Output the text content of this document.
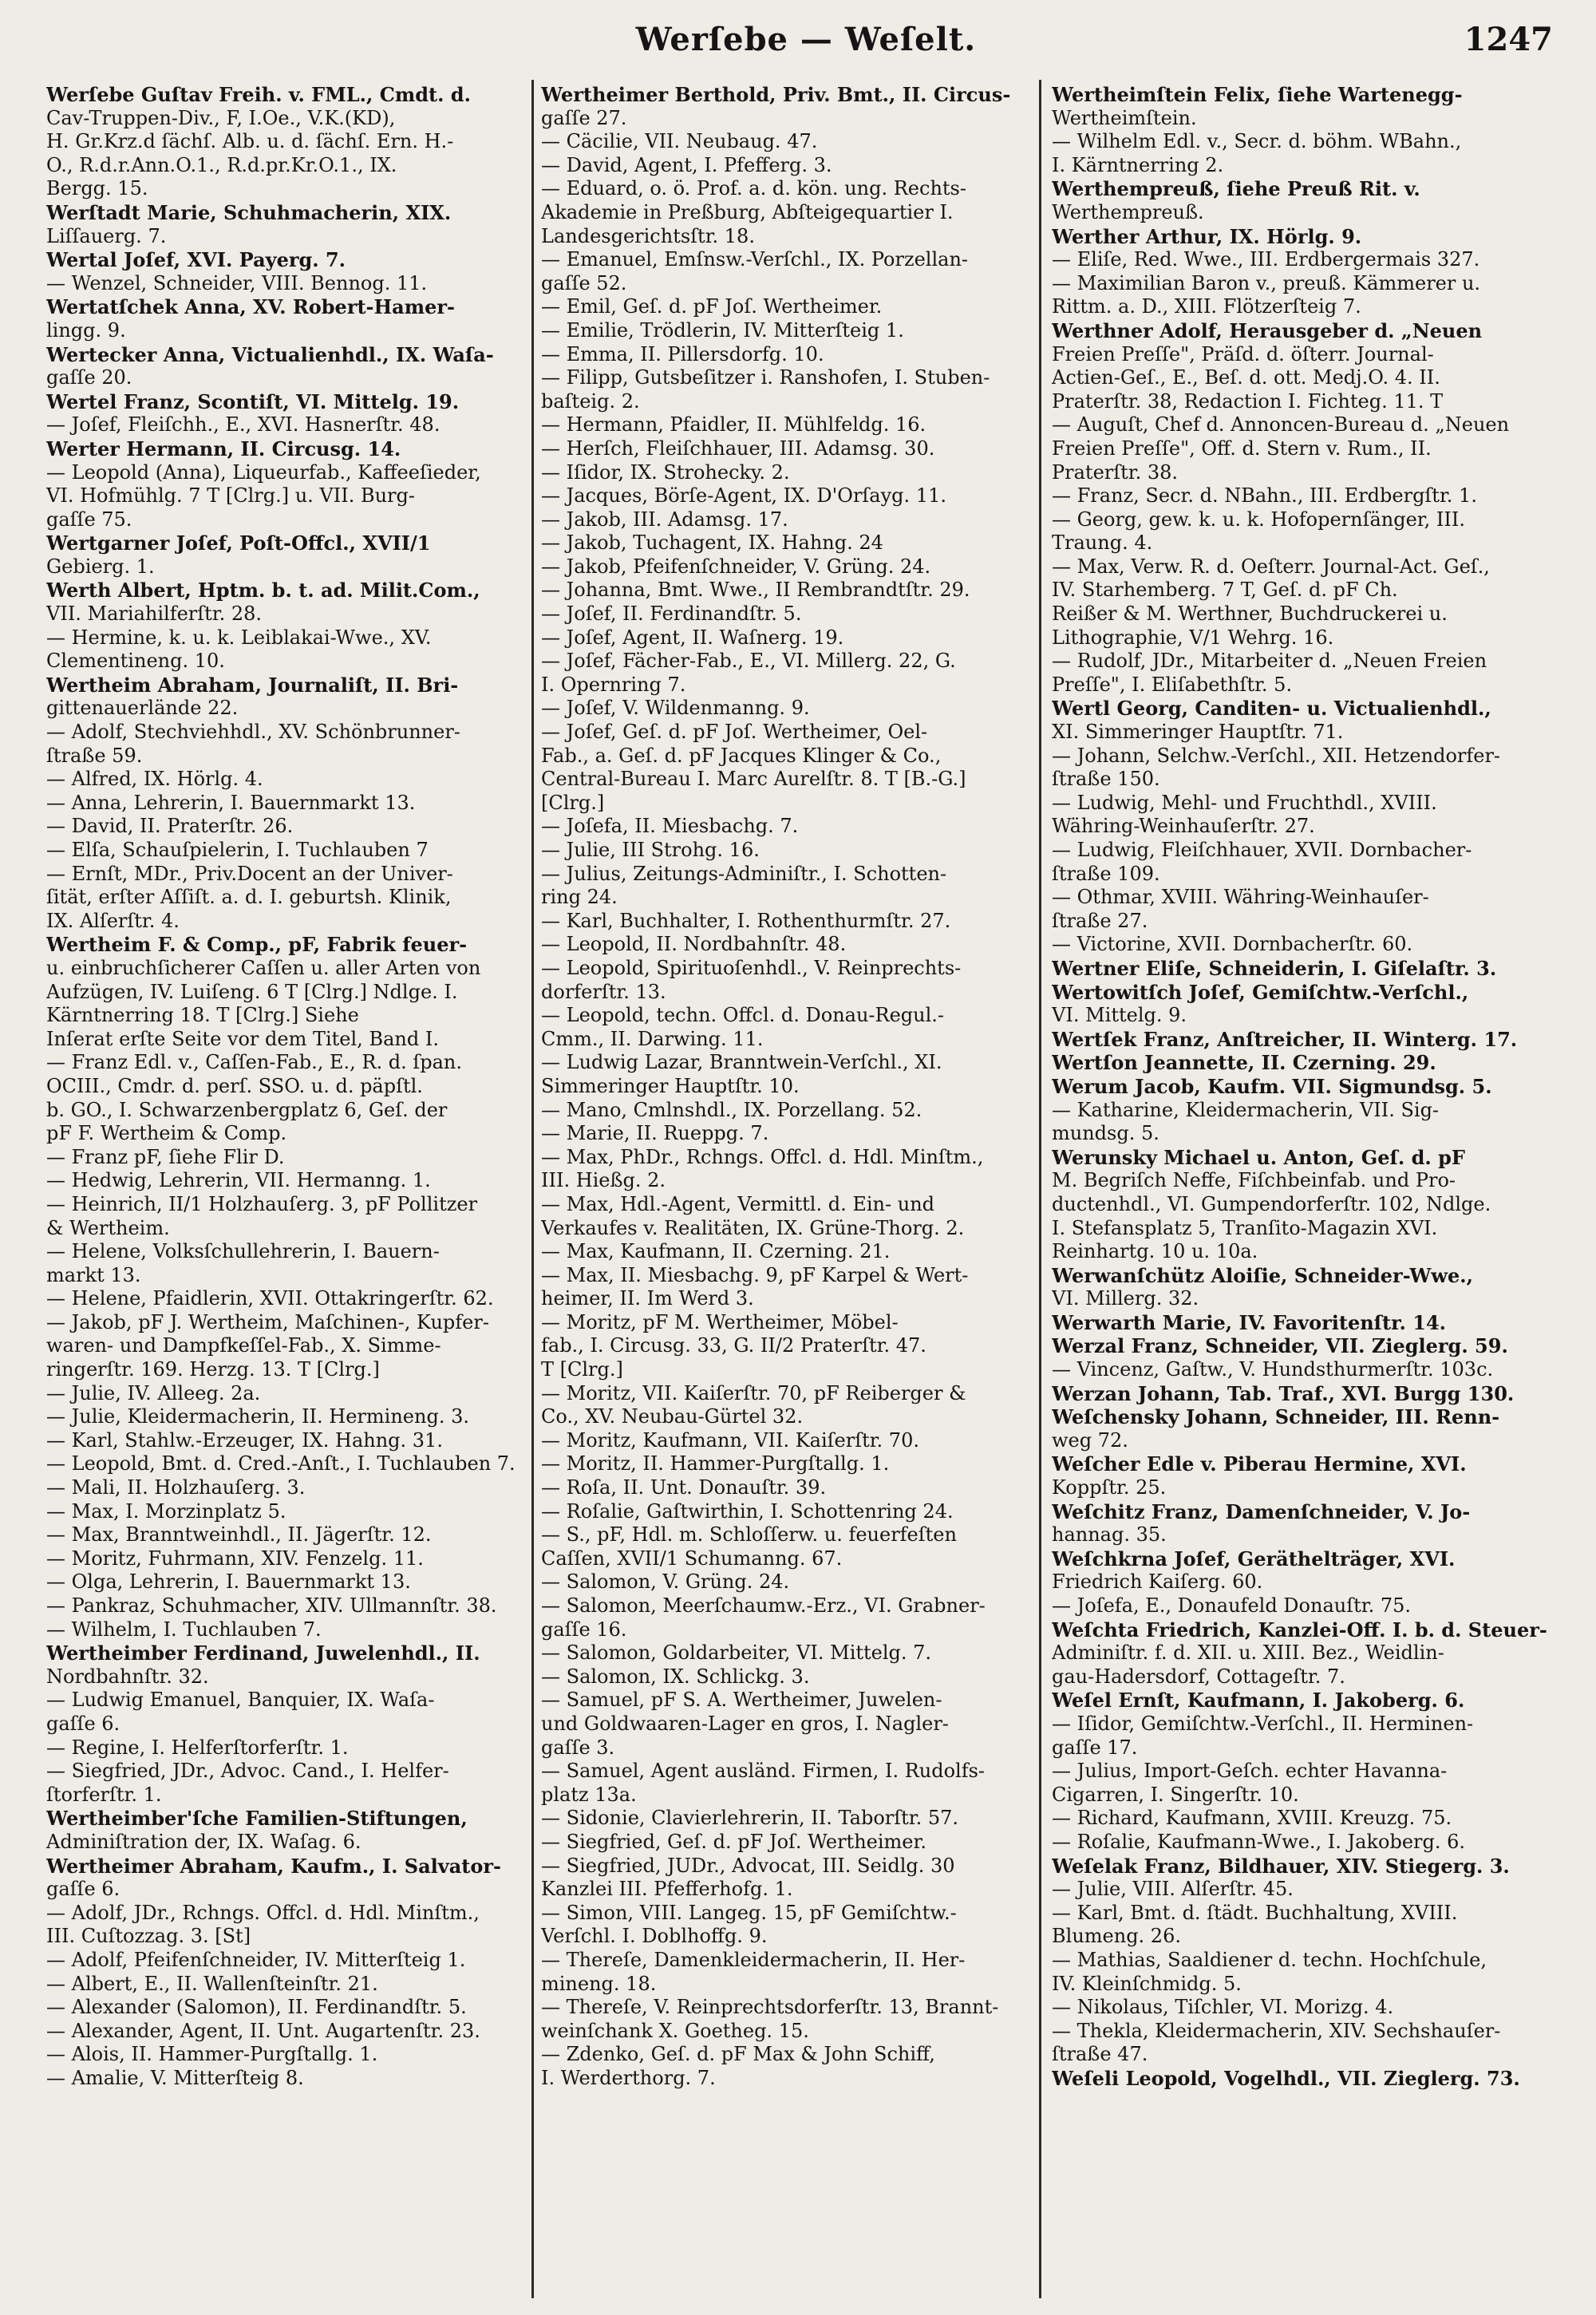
Werſebe — Weſelt.	1247
Werſebe Guſtav Freih. v. FML., Cmdt. d.
Cav-Truppen-Div., F, I.Oe., V.K.(KD),
H. Gr.Krz.d ſächſ. Alb. u. d. ſächſ. Ern. H.-
O., R.d.r.Ann.O.1., R.d.pr.Kr.O.1., IX.
Bergg. 15.
Werſtadt Marie, Schuhmacherin, XIX.
Liſſauerg. 7.
Wertal Joſef, XVI. Payerg. 7.
— Wenzel, Schneider, VIII. Bennog. 11.
Wertatſchek Anna, XV. Robert-Hamer-
lingg. 9.
Wertecker Anna, Victualienhdl., IX. Waſa-
gaſſe 20.
Wertel Franz, Scontiſt, VI. Mittelg. 19.
— Joſef, Fleiſchh., E., XVI. Hasnerſtr. 48.
Werter Hermann, II. Circusg. 14.
— Leopold (Anna), Liqueurfab., Kaffeeſieder,
VI. Hofmühlg. 7 T [Clrg.] u. VII. Burg-
gaſſe 75.
Wertgarner Joſef, Poſt-Offcl., XVII/1
Gebierg. 1.
Werth Albert, Hptm. b. t. ad. Milit.Com.,
VII. Mariahilferſtr. 28.
— Hermine, k. u. k. Leiblakai-Wwe., XV.
Clementineng. 10.
Wertheim Abraham, Journaliſt, II. Bri-
gittenauerlände 22.
— Adolf, Stechviehhdl., XV. Schönbrunner-
ſtraße 59.
— Alfred, IX. Hörlg. 4.
— Anna, Lehrerin, I. Bauernmarkt 13.
— David, II. Praterſtr. 26.
— Elſa, Schauſpielerin, I. Tuchlauben 7
— Ernſt, MDr., Priv.Docent an der Univer-
ſität, erſter Aſſiſt. a. d. I. geburtsh. Klinik,
IX. Alſerſtr. 4.
Wertheim F. & Comp., pF, Fabrik feuer-
u. einbruchſicherer Caſſen u. aller Arten von
Aufzügen, IV. Luiſeng. 6 T [Clrg.] Ndlge. I.
Kärntnerring 18. T [Clrg.] Siehe
Inſerat erſte Seite vor dem Titel, Band I.
— Franz Edl. v., Caſſen-Fab., E., R. d. ſpan.
OCIII., Cmdr. d. perſ. SSO. u. d. päpſtl.
b. GO., I. Schwarzenbergplatz 6, Geſ. der
pF F. Wertheim & Comp.
— Franz pF, ſiehe Flir D.
— Hedwig, Lehrerin, VII. Hermanng. 1.
— Heinrich, II/1 Holzhauſerg. 3, pF Pollitzer
& Wertheim.
— Helene, Volksſchullehrerin, I. Bauern-
markt 13.
— Helene, Pfaidlerin, XVII. Ottakringerſtr. 62.
— Jakob, pF J. Wertheim, Maſchinen-, Kupfer-
waren- und Dampfkeſſel-Fab., X. Simme-
ringerſtr. 169. Herzg. 13. T [Clrg.]
— Julie, IV. Alleeg. 2a.
— Julie, Kleidermacherin, II. Hermineng. 3.
— Karl, Stahlw.-Erzeuger, IX. Hahng. 31.
— Leopold, Bmt. d. Cred.-Anſt., I. Tuchlauben 7.
— Mali, II. Holzhauſerg. 3.
— Max, I. Morzinplatz 5.
— Max, Branntweinhdl., II. Jägerſtr. 12.
— Moritz, Fuhrmann, XIV. Fenzelg. 11.
— Olga, Lehrerin, I. Bauernmarkt 13.
— Pankraz, Schuhmacher, XIV. Ullmannſtr. 38.
— Wilhelm, I. Tuchlauben 7.
Wertheimber Ferdinand, Juwelenhdl., II.
Nordbahnſtr. 32.
— Ludwig Emanuel, Banquier, IX. Waſa-
gaſſe 6.
— Regine, I. Helferſtorferſtr. 1.
— Siegfried, JDr., Advoc. Cand., I. Helfer-
ſtorferſtr. 1.
Wertheimber'ſche Familien-Stiftungen,
Adminiſtration der, IX. Waſag. 6.
Wertheimer Abraham, Kaufm., I. Salvator-
gaſſe 6.
— Adolf, JDr., Rchngs. Offcl. d. Hdl. Minſtm.,
III. Cuſtozzag. 3. [St]
— Adolf, Pfeifenſchneider, IV. Mitterſteig 1.
— Albert, E., II. Wallenſteinſtr. 21.
— Alexander (Salomon), II. Ferdinandſtr. 5.
— Alexander, Agent, II. Unt. Augartenſtr. 23.
— Alois, II. Hammer-Purgſtallg. 1.
— Amalie, V. Mitterſteig 8.
Wertheimer Berthold, Priv. Bmt., II. Circus-
gaſſe 27.
— Cäcilie, VII. Neubaug. 47.
— David, Agent, I. Pfefferg. 3.
— Eduard, o. ö. Prof. a. d. kön. ung. Rechts-
Akademie in Preßburg, Abſteigequartier I.
Landesgerichtsſtr. 18.
— Emanuel, Emſnsw.-Verſchl., IX. Porzellan-
gaſſe 52.
— Emil, Geſ. d. pF Joſ. Wertheimer.
— Emilie, Trödlerin, IV. Mitterſteig 1.
— Emma, II. Pillersdorfg. 10.
— Filipp, Gutsbeſitzer i. Ranshofen, I. Stuben-
baſteig. 2.
— Hermann, Pfaidler, II. Mühlfeldg. 16.
— Herſch, Fleiſchhauer, III. Adamsg. 30.
— Iſidor, IX. Strohecky. 2.
— Jacques, Börſe-Agent, IX. D'Orſayg. 11.
— Jakob, III. Adamsg. 17.
— Jakob, Tuchagent, IX. Hahng. 24
— Jakob, Pfeifenſchneider, V. Grüng. 24.
— Johanna, Bmt. Wwe., II Rembrandtſtr. 29.
— Joſef, II. Ferdinandſtr. 5.
— Joſef, Agent, II. Waſnerg. 19.
— Joſef, Fächer-Fab., E., VI. Millerg. 22, G.
I. Opernring 7.
— Joſef, V. Wildenmanng. 9.
— Joſef, Geſ. d. pF Joſ. Wertheimer, Oel-
Fab., a. Geſ. d. pF Jacques Klinger & Co.,
Central-Bureau I. Marc Aurelſtr. 8. T [B.-G.]
[Clrg.]
— Joſefa, II. Miesbachg. 7.
— Julie, III Strohg. 16.
— Julius, Zeitungs-Adminiſtr., I. Schotten-
ring 24.
— Karl, Buchhalter, I. Rothenthurmſtr. 27.
— Leopold, II. Nordbahnſtr. 48.
— Leopold, Spirituoſenhdl., V. Reinprechts-
dorferſtr. 13.
— Leopold, techn. Offcl. d. Donau-Regul.-
Cmm., II. Darwing. 11.
— Ludwig Lazar, Branntwein-Verſchl., XI.
Simmeringer Hauptſtr. 10.
— Mano, Cmlnshdl., IX. Porzellang. 52.
— Marie, II. Rueppg. 7.
— Max, PhDr., Rchngs. Offcl. d. Hdl. Minſtm.,
III. Hießg. 2.
— Max, Hdl.-Agent, Vermittl. d. Ein- und
Verkaufes v. Realitäten, IX. Grüne-Thorg. 2.
— Max, Kaufmann, II. Czerning. 21.
— Max, II. Miesbachg. 9, pF Karpel & Wert-
heimer, II. Im Werd 3.
— Moritz, pF M. Wertheimer, Möbel-
fab., I. Circusg. 33, G. II/2 Praterſtr. 47.
T [Clrg.]
— Moritz, VII. Kaiſerſtr. 70, pF Reiberger &
Co., XV. Neubau-Gürtel 32.
— Moritz, Kaufmann, VII. Kaiſerſtr. 70.
— Moritz, II. Hammer-Purgſtallg. 1.
— Roſa, II. Unt. Donauſtr. 39.
— Roſalie, Gaſtwirthin, I. Schottenring 24.
— S., pF, Hdl. m. Schloſſerw. u. feuerfeſten
Caſſen, XVII/1 Schumanng. 67.
— Salomon, V. Grüng. 24.
— Salomon, Meerſchaumw.-Erz., VI. Grabner-
gaſſe 16.
— Salomon, Goldarbeiter, VI. Mittelg. 7.
— Salomon, IX. Schlickg. 3.
— Samuel, pF S. A. Wertheimer, Juwelen-
und Goldwaaren-Lager en gros, I. Nagler-
gaſſe 3.
— Samuel, Agent ausländ. Firmen, I. Rudolfs-
platz 13a.
— Sidonie, Clavierlehrerin, II. Taborſtr. 57.
— Siegfried, Geſ. d. pF Joſ. Wertheimer.
— Siegfried, JUDr., Advocat, III. Seidlg. 30
Kanzlei III. Pfefferhofg. 1.
— Simon, VIII. Langeg. 15, pF Gemiſchtw.-
Verſchl. I. Doblhoffg. 9.
— Thereſe, Damenkleidermacherin, II. Her-
mineng. 18.
— Thereſe, V. Reinprechtsdorferſtr. 13, Brannt-
weinſchank X. Goetheg. 15.
— Zdenko, Geſ. d. pF Max & John Schiff,
I. Werderthorg. 7.
Wertheimſtein Felix, ſiehe Wartenegg-
Wertheimſtein.
— Wilhelm Edl. v., Secr. d. böhm. WBahn.,
I. Kärntnerring 2.
Werthempreuß, ſiehe Preuß Rit. v.
Werthempreuß.
Werther Arthur, IX. Hörlg. 9.
— Eliſe, Red. Wwe., III. Erdbergermais 327.
— Maximilian Baron v., preuß. Kämmerer u.
Rittm. a. D., XIII. Flötzerſteig 7.
Werthner Adolf, Herausgeber d. „Neuen
Freien Preſſe", Präſd. d. öſterr. Journal-
Actien-Geſ., E., Beſ. d. ott. Medj.O. 4. II.
Praterſtr. 38, Redaction I. Fichteg. 11. T
— Auguſt, Chef d. Annoncen-Bureau d. „Neuen
Freien Preſſe", Off. d. Stern v. Rum., II.
Praterſtr. 38.
— Franz, Secr. d. NBahn., III. Erdbergſtr. 1.
— Georg, gew. k. u. k. Hofopernſänger, III.
Traung. 4.
— Max, Verw. R. d. Oeſterr. Journal-Act. Geſ.,
IV. Starhemberg. 7 T, Geſ. d. pF Ch.
Reißer & M. Werthner, Buchdruckerei u.
Lithographie, V/1 Wehrg. 16.
— Rudolf, JDr., Mitarbeiter d. „Neuen Freien
Preſſe", I. Eliſabethſtr. 5.
Wertl Georg, Canditen- u. Victualienhdl.,
XI. Simmeringer Hauptſtr. 71.
— Johann, Selchw.-Verſchl., XII. Hetzendorfer-
ſtraße 150.
— Ludwig, Mehl- und Fruchthdl., XVIII.
Währing-Weinhauſerſtr. 27.
— Ludwig, Fleiſchhauer, XVII. Dornbacher-
ſtraße 109.
— Othmar, XVIII. Währing-Weinhauſer-
ſtraße 27.
— Victorine, XVII. Dornbacherſtr. 60.
Wertner Eliſe, Schneiderin, I. Giſelaſtr. 3.
Wertowitſch Joſef, Gemiſchtw.-Verſchl.,
VI. Mittelg. 9.
Wertſek Franz, Anſtreicher, II. Winterg. 17.
Wertſon Jeannette, II. Czerning. 29.
Werum Jacob, Kaufm. VII. Sigmundsg. 5.
— Katharine, Kleidermacherin, VII. Sig-
mundsg. 5.
Werunsky Michael u. Anton, Geſ. d. pF
M. Begriſch Neffe, Fiſchbeinfab. und Pro-
ductenhdl., VI. Gumpendorferſtr. 102, Ndlge.
I. Stefansplatz 5, Tranſito-Magazin XVI.
Reinhartg. 10 u. 10a.
Werwanſchütz Aloiſie, Schneider-Wwe.,
VI. Millerg. 32.
Werwarth Marie, IV. Favoritenſtr. 14.
Werzal Franz, Schneider, VII. Zieglerg. 59.
— Vincenz, Gaſtw., V. Hundsthurmerſtr. 103c.
Werzan Johann, Tab. Traf., XVI. Burgg 130.
Weſchensky Johann, Schneider, III. Renn-
weg 72.
Weſcher Edle v. Piberau Hermine, XVI.
Koppſtr. 25.
Weſchitz Franz, Damenſchneider, V. Jo-
hannag. 35.
Weſchkrna Joſef, Geräthelträger, XVI.
Friedrich Kaiſerg. 60.
— Joſefa, E., Donaufeld Donauſtr. 75.
Weſchta Friedrich, Kanzlei-Off. I. b. d. Steuer-
Adminiſtr. f. d. XII. u. XIII. Bez., Weidlin-
gau-Hadersdorf, Cottageſtr. 7.
Weſel Ernſt, Kaufmann, I. Jakoberg. 6.
— Iſidor, Gemiſchtw.-Verſchl., II. Herminen-
gaſſe 17.
— Julius, Import-Geſch. echter Havanna-
Cigarren, I. Singerſtr. 10.
— Richard, Kaufmann, XVIII. Kreuzg. 75.
— Roſalie, Kaufmann-Wwe., I. Jakoberg. 6.
Weſelak Franz, Bildhauer, XIV. Stiegerg. 3.
— Julie, VIII. Alſerſtr. 45.
— Karl, Bmt. d. ſtädt. Buchhaltung, XVIII.
Blumeng. 26.
— Mathias, Saaldiener d. techn. Hochſchule,
IV. Kleinſchmidg. 5.
— Nikolaus, Tiſchler, VI. Morizg. 4.
— Thekla, Kleidermacherin, XIV. Sechshauſer-
ſtraße 47.
Weſeli Leopold, Vogelhdl., VII. Zieglerg. 73.
